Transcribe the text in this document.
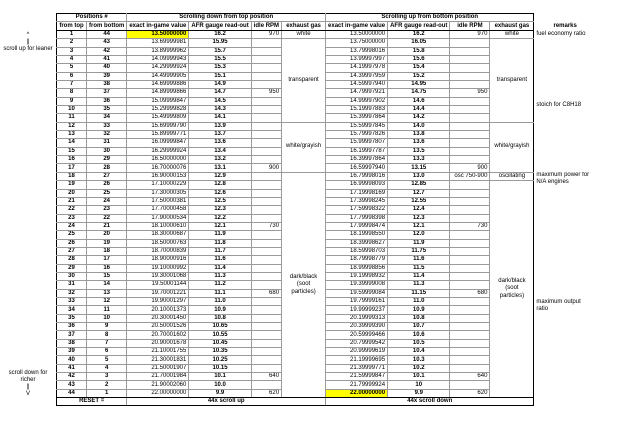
^
||
scroll up for leaner
scroll down for richer
||
V
Positions #		Scrolling down from top position				Scrolling up from bottom position				
from top	from bottom	exact in-game value	AFR gauge read-out	idle RPM	exhaust gas	exact in-game value	AFR gauge read-out	idle RPM	exhaust gas	remarks
1	44	13.50000000	16.2	970	white	13.50000000	16.2	970	white	fuel economy ratio
2	43	13.69999981	15.95		transparent	13.75000000	16.05		transparent	stoich for C8H18
3	42	13.89999962	15.7			13.79998016	15.8			
4	41	14.09999943	15.5			13.99997997	15.6			
5	40	14.29999924	15.3			14.19997978	15.4			
6	39	14.49999905	15.1			14.39997959	15.2			
7	38	14.69999886	14.9			14.59997940	14.95			
8	37	14.89999866	14.7	950		14.79997921	14.75	950		
9	36	15.09999847	14.5			14.99997902	14.6			
10	35	15.29999828	14.3			15.19997883	14.4			
11	34	15.49999809	14.1			15.39997864	14.2			
12	33	15.69999790	13.9		white/grayish	15.59997845	14.0		white/grayish	
13	32	15.89999771	13.7			15.79997826	13.8			
14	31	16.09999847	13.6			15.99997807	13.6			
15	30	16.29999924	13.4			16.19997787	13.5			
16	29	16.50000000	13.2			16.39997864	13.3			
17	28	16.70000076	13.1	900		16.59997940	13.15	900		
18	27	16.90000153	12.9		dark/black (soot particles)	16.79998016	13.0	osc 750-900	oscillating	maximum power for N/A engines
19	26	17.10000229	12.8			16.99998093	12.85		dark/black (soot particles)	
20	25	17.30000305	12.6			17.19998169	12.7			
21	24	17.50000381	12.5			17.39998245	12.55			
22	23	17.70000458	12.3			17.59998322	12.4			
23	22	17.90000534	12.2			17.79998398	12.3			maximum output ratio
24	21	18.10000610	12.1	730		17.99998474	12.1	730		
25	20	18.30000687	11.9			18.19998550	12.0			
26	19	18.50000763	11.8			18.39998627	11.9			
27	18	18.70000839	11.7			18.59998703	11.75			
28	17	18.90000916	11.6			18.79998779	11.6			
29	16	19.10000992	11.4			18.99998856	11.5			
30	15	19.30001068	11.3			19.19998932	11.4			
31	14	19.50001144	11.2			19.39999008	11.3			
32	13	19.70001221	11.1	680		19.59999084	11.15	680		
33	12	19.90001297	11.0			19.79999161	11.0			
34	11	20.10001373	10.9			19.99999237	10.9			
35	10	20.30001450	10.8			20.19999313	10.8			
36	9	20.50001526	10.65			20.39999390	10.7			
37	8	20.70001602	10.55			20.59999466	10.6			
38	7	20.90001678	10.45			20.79999542	10.5			
39	6	21.10001755	10.35			20.99999619	10.4			
40	5	21.30001831	10.25			21.19999695	10.3			
41	4	21.50001907	10.15			21.39999771	10.2			
42	3	21.70001984	10.1	640		21.59999847	10.1	640		
43	2	21.90002060	10.0			21.79999924	10			
44	1	22.00000000	9.9	620		22.00000000	9.9	620		
RESET =		44x scroll up				44x scroll down				
